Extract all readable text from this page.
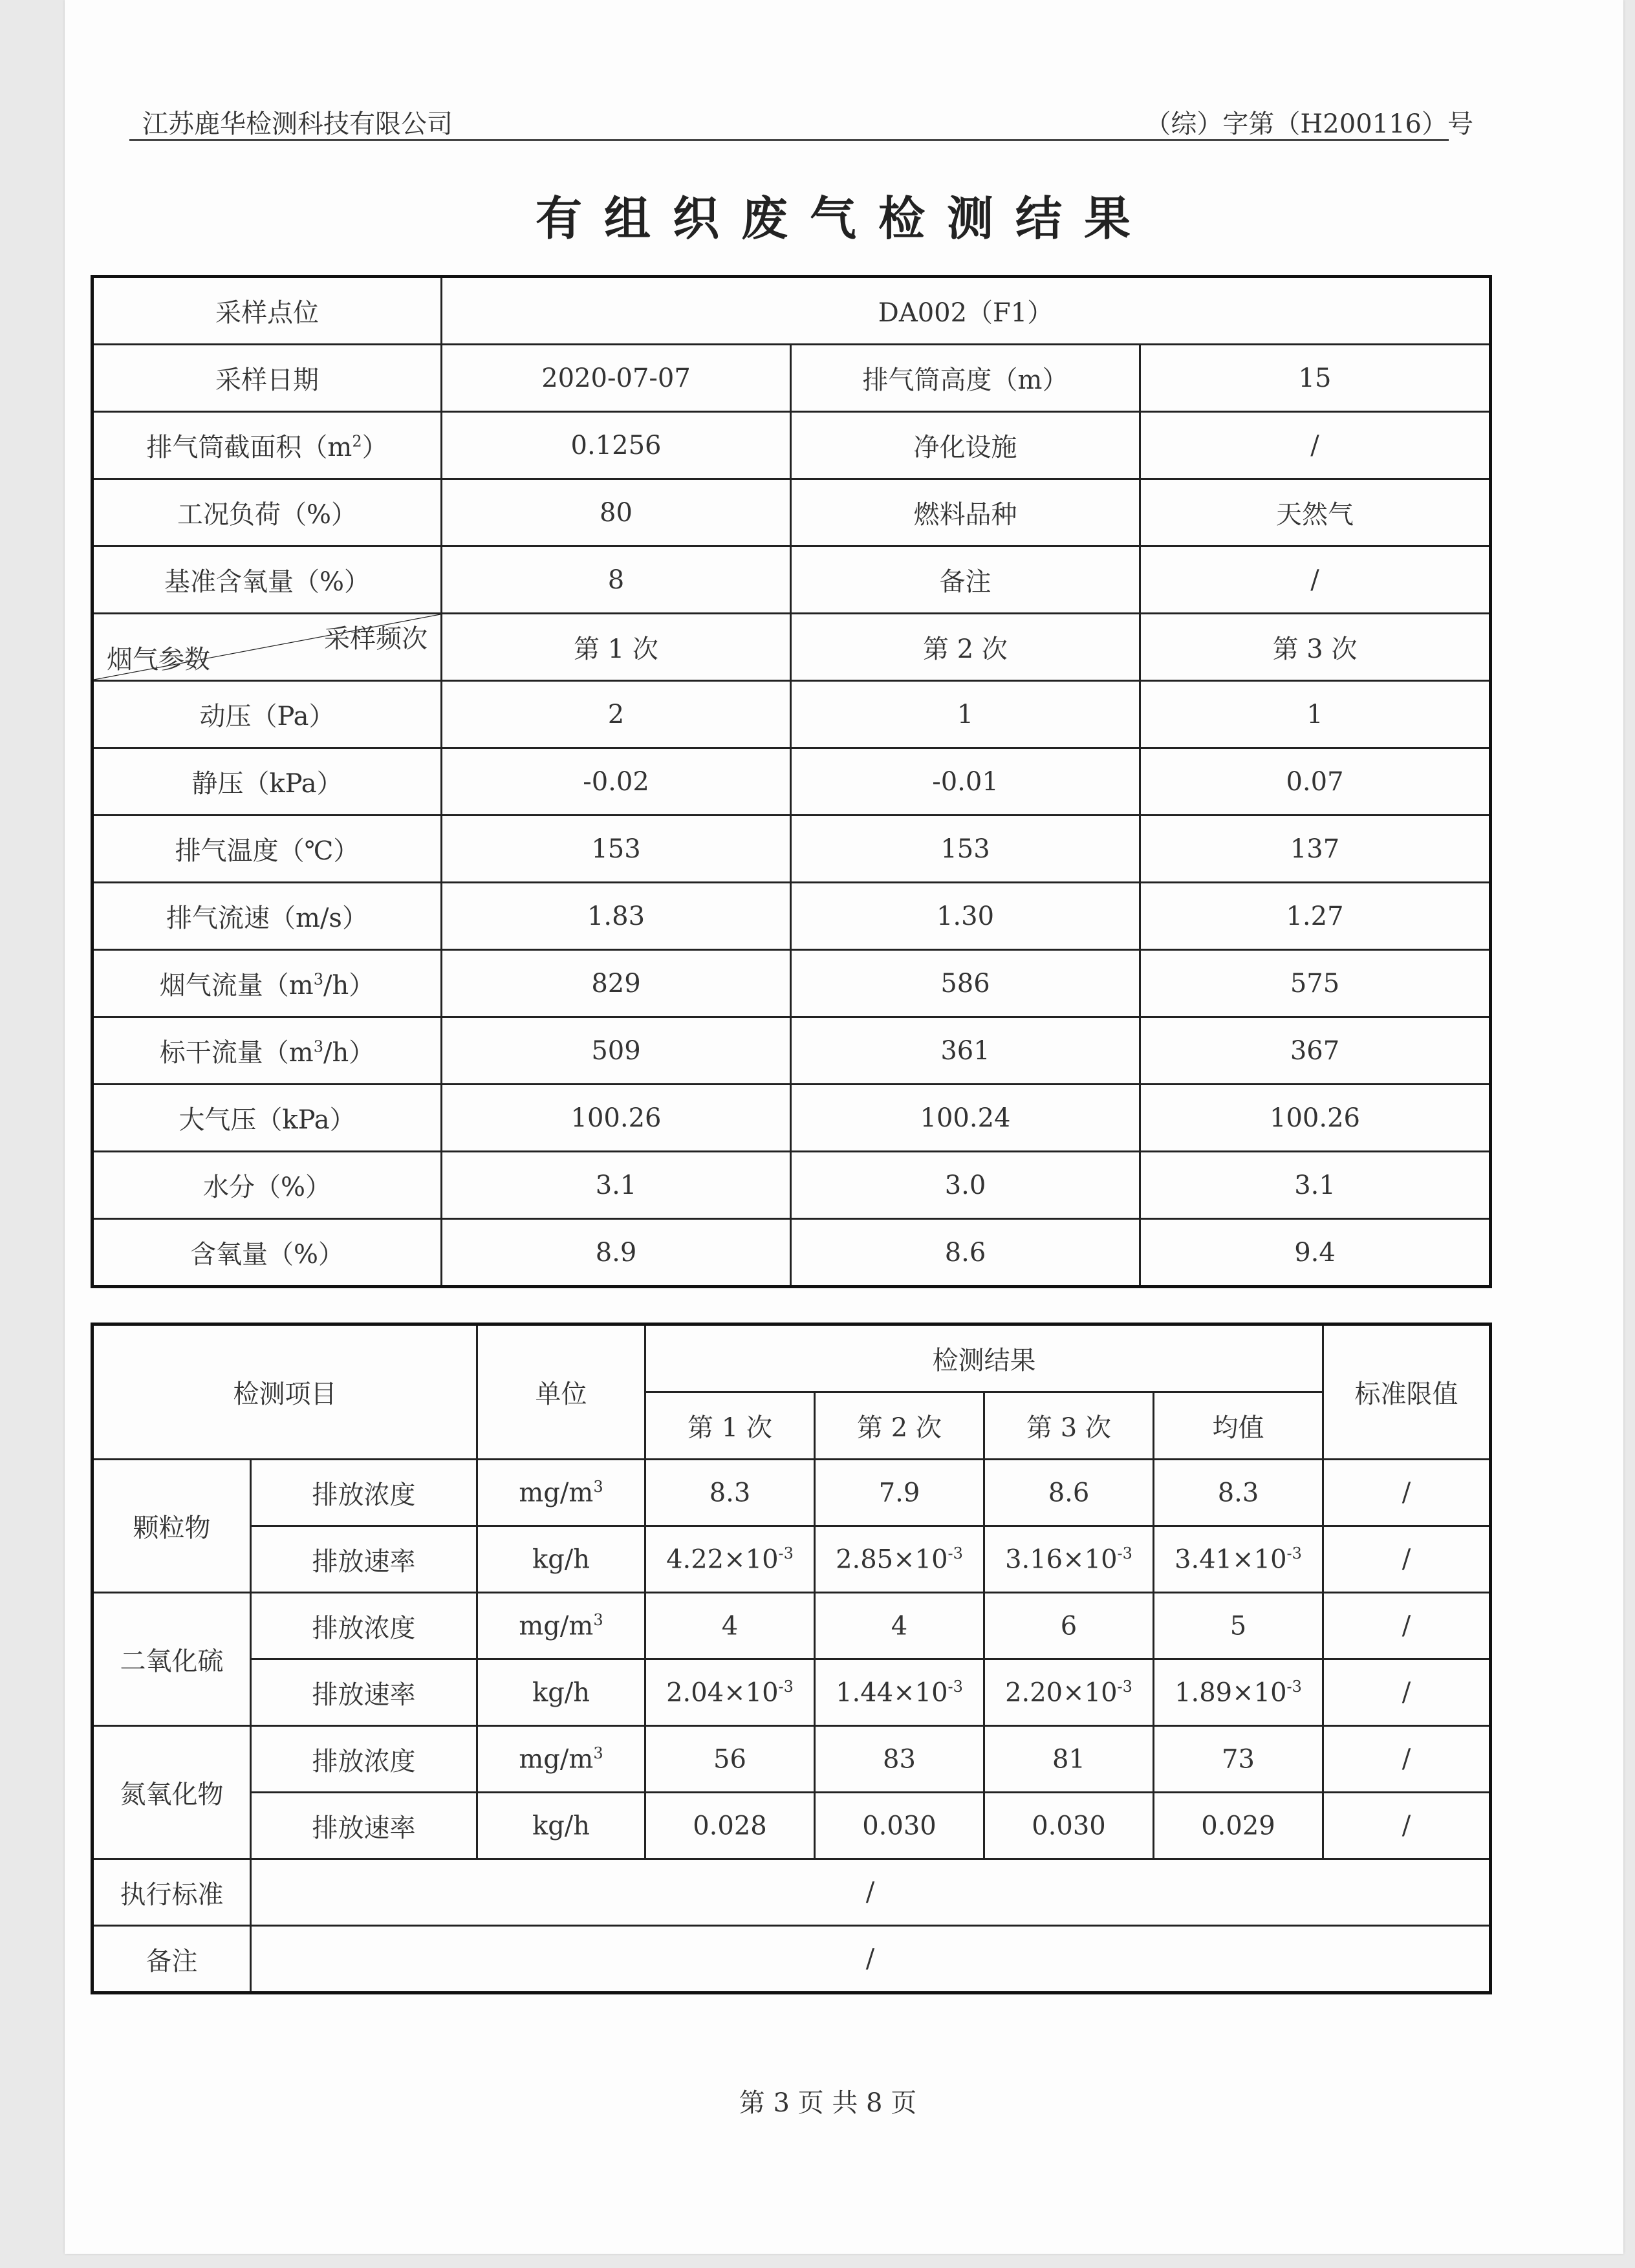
江苏鹿华检测科技有限公司	（综）字第（H200116）号
有组织废气检测结果
采样点位	DA002（F1）		
采样日期	2020-07-07	排气筒高度（m）	15
排气筒截面积$(m^2)$	0.1256	净化设施	/
工况负荷（%）	80	燃料品种	天然气
基准含氧量（%）	8	备注	/

采样频次
烟气参数	第 1 次	第 2 次	第 3 次
动压（Pa）	2	1	1
静压（kPa）	-0.02	-0.01	0.07
排气温度（℃）	153	153	137
排气流速（m/s）	1.83	1.30	1.27
烟气流量$(m^3/h)$	829	586	575
标干流量$(m^3/h)$	509	361	367
大气压（kPa）	100.26	100.24	100.26
水分（%）	3.1	3.0	3.1
含氧量（%）	8.9	8.6	9.4
检测项目		单位	检测结果				标准限值
			第 1 次	第 2 次	第 3 次	均值	
颗粒物	排放浓度	$mg/m^3$	8.3	7.9	8.6	8.3	/
	排放速率	kg/h	$4.22\times 10^{-3}$	$2.85\times 10^{-3}$	$3.16\times 10^{-3}$	$3.41\times 10^{-3}$	/
二氧化硫	排放浓度	$mg/m^3$	4	4	6	5	/
	排放速率	kg/h	$2.04\times 10^{-3}$	$1.44\times 10^{-3}$	$2.20\times 10^{-3}$	$1.89\times 10^{-3}$	/
氮氧化物	排放浓度	$mg/m^3$	56	83	81	73	/
	排放速率	kg/h	0.028	0.030	0.030	0.029	/
执行标准	/						
备注	/						
第 3 页 共 8 页
